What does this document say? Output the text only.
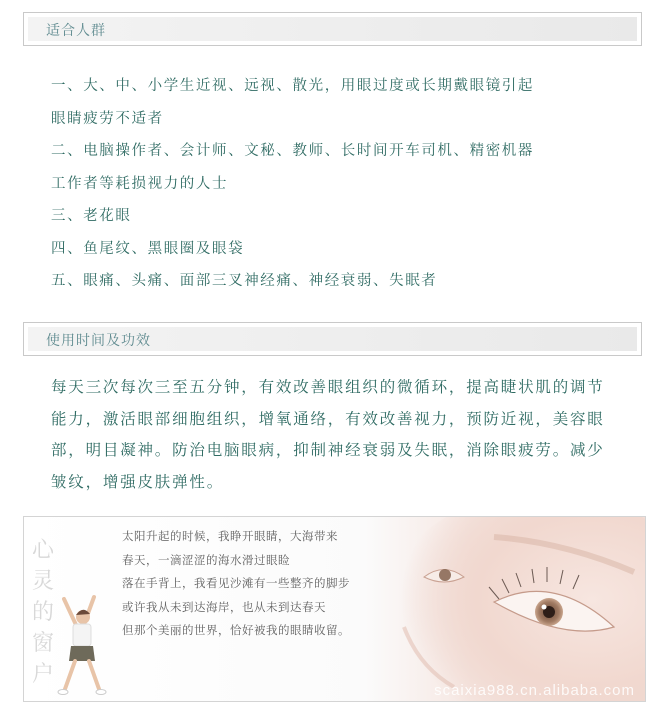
适合人群
一、大、中、小学生近视、远视、散光，用眼过度或长期戴眼镜引起
眼睛疲劳不适者
二、电脑操作者、会计师、文秘、教师、长时间开车司机、精密机器
工作者等耗损视力的人士
三、老花眼
四、鱼尾纹、黑眼圈及眼袋
五、眼痛、头痛、面部三叉神经痛、神经衰弱、失眠者
使用时间及功效
每天三次每次三至五分钟，有效改善眼组织的微循环，提高睫状肌的调节
能力，激活眼部细胞组织，增氧通络，有效改善视力，预防近视，美容眼
部，明目凝神。防治电脑眼病，抑制神经衰弱及失眠，消除眼疲劳。减少
皱纹，增强皮肤弹性。
心
灵
的
窗
户
太阳升起的时候，我睁开眼睛，大海带来
春天，一滴涩涩的海水滑过眼睑
落在手背上，我看见沙滩有一些整齐的脚步
或许我从未到达海岸，也从未到达春天
但那个美丽的世界，恰好被我的眼睛收留。
scaixia988.cn.alibaba.com
